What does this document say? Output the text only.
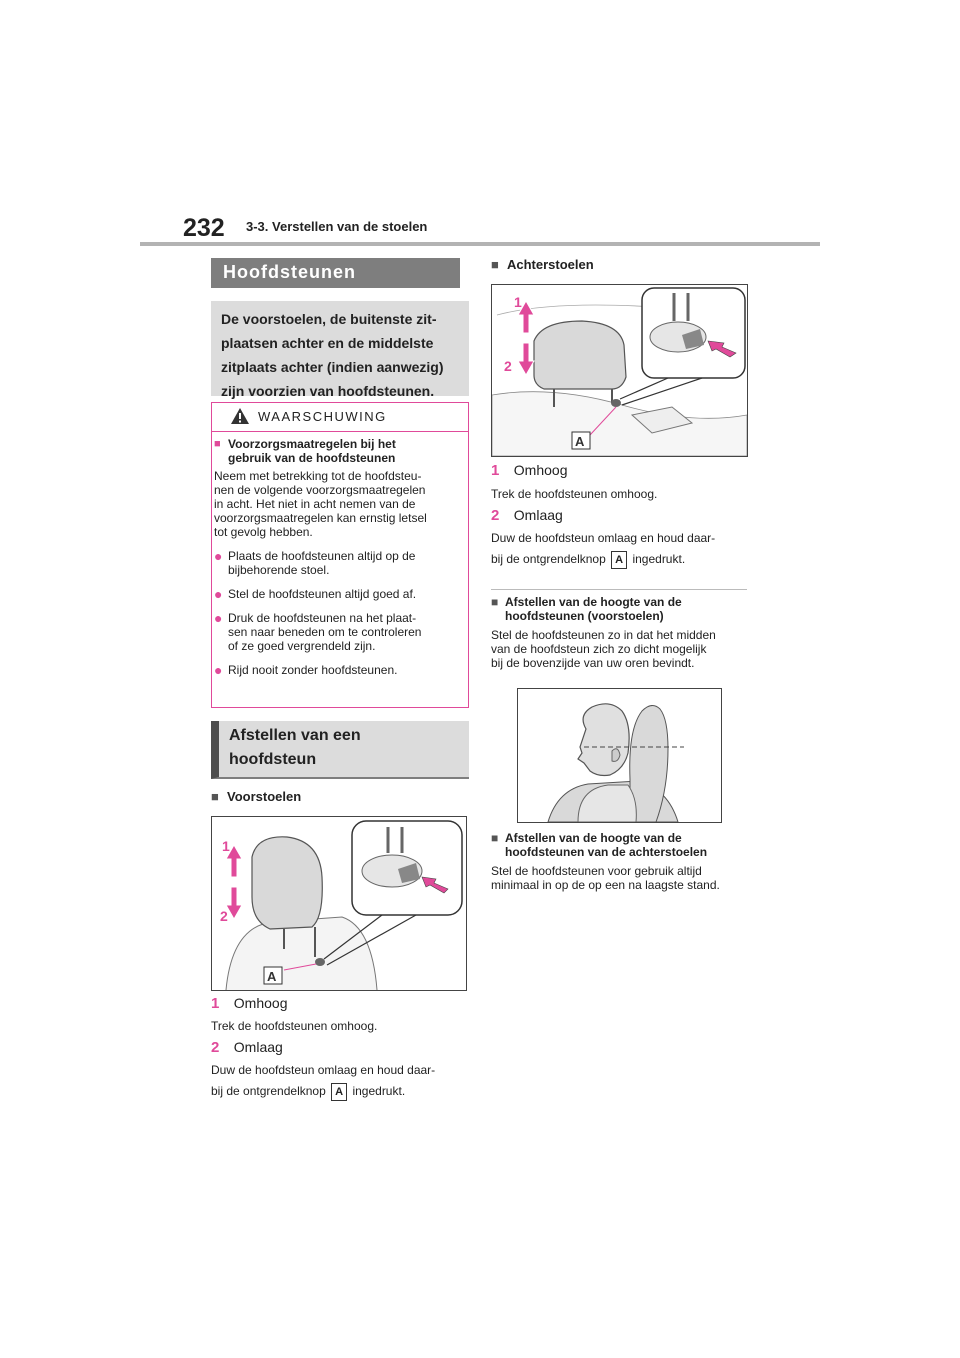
232 3-3. Verstellen van de stoelen
Hoofdsteunen
De voorstoelen, de buitenste zit-
plaatsen achter en de middelste
zitplaats achter (indien aanwezig)
zijn voorzien van hoofdsteunen.
WAARSCHUWING
■ Voorzorgsmaatregelen bij het
gebruik van de hoofdsteunen
Neem met betrekking tot de hoofdsteu-
nen de volgende voorzorgsmaatregelen
in acht. Het niet in acht nemen van de
voorzorgsmaatregelen kan ernstig letsel
tot gevolg hebben.
● Plaats de hoofdsteunen altijd op de
bijbehorende stoel.
● Stel de hoofdsteunen altijd goed af.
● Druk de hoofdsteunen na het plaat-
sen naar beneden om te controleren
of ze goed vergrendeld zijn.
● Rijd nooit zonder hoofdsteunen.
Afstellen van een
hoofdsteun
■ Voorstoelen
1
2
A
1 Omhoog
Trek de hoofdsteunen omhoog.
2 Omlaag
Duw de hoofdsteun omlaag en houd daar-
bij de ontgrendelknop A ingedrukt.
■ Achterstoelen
1
2
A
1 Omhoog
Trek de hoofdsteunen omhoog.
2 Omlaag
Duw de hoofdsteun omlaag en houd daar-
bij de ontgrendelknop A ingedrukt.
■ Afstellen van de hoogte van de
hoofdsteunen (voorstoelen)
Stel de hoofdsteunen zo in dat het midden
van de hoofdsteun zich zo dicht mogelijk
bij de bovenzijde van uw oren bevindt.
■ Afstellen van de hoogte van de
hoofdsteunen van de achterstoelen
Stel de hoofdsteunen voor gebruik altijd
minimaal in op de op een na laagste stand.
